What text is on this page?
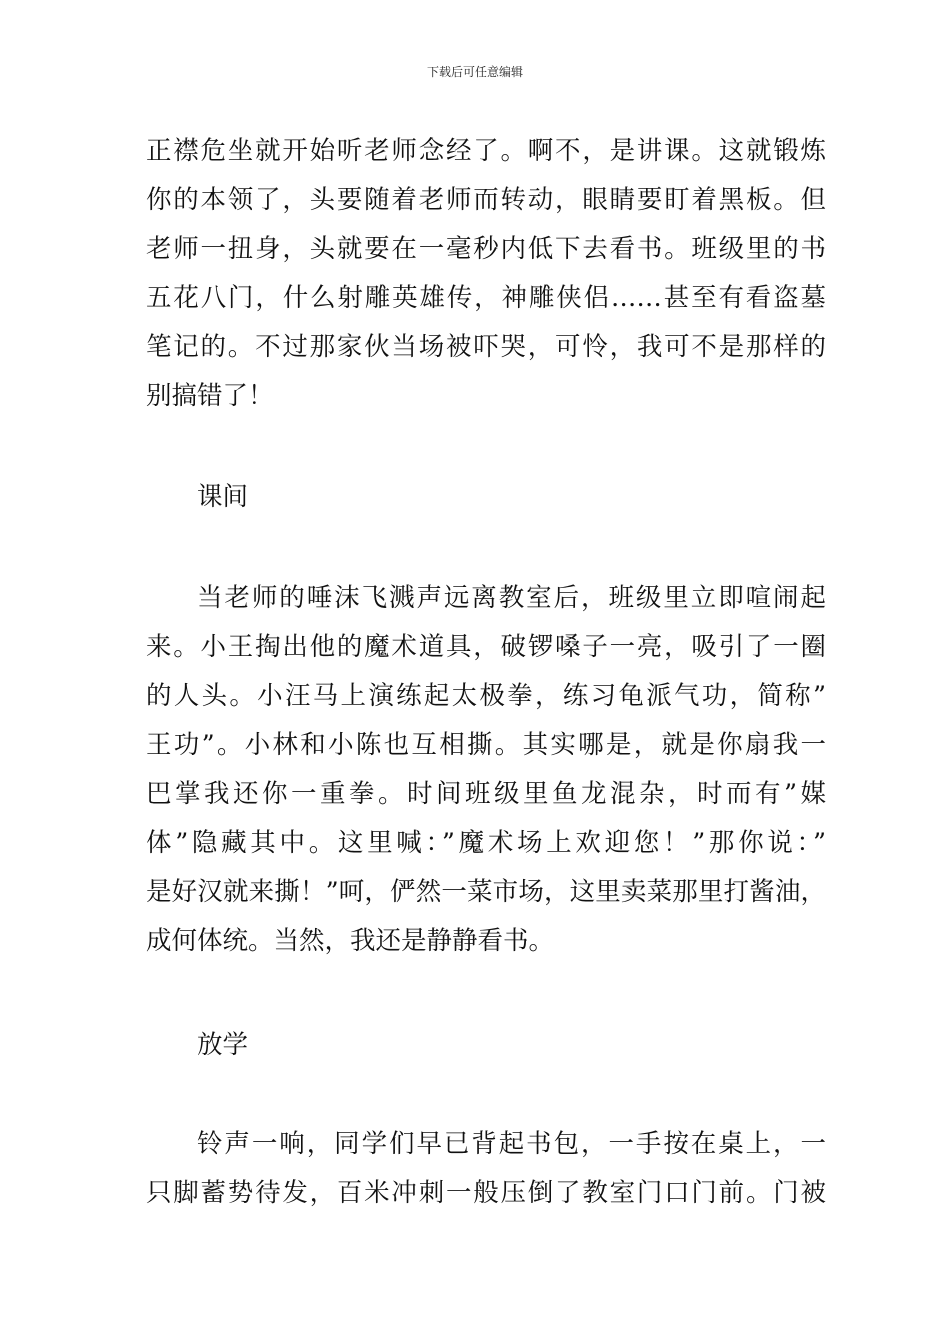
下载后可任意编辑
正襟危坐就开始听老师念经了。啊不，是讲课。这就锻炼
你的本领了，头要随着老师而转动，眼睛要盯着黑板。但
老师一扭身，头就要在一毫秒内低下去看书。班级里的书
五花八门，什么射雕英雄传，神雕侠侣……甚至有看盗墓
笔记的。不过那家伙当场被吓哭，可怜，我可不是那样的
别搞错了！
课间
当老师的唾沫飞溅声远离教室后，班级里立即喧闹起
来。小王掏出他的魔术道具，破锣嗓子一亮，吸引了一圈
的人头。小汪马上演练起太极拳，练习龟派气功，简称”
王功”。小林和小陈也互相撕。其实哪是，就是你扇我一
巴掌我还你一重拳。时间班级里鱼龙混杂，时而有”媒
体”隐藏其中。这里喊：”魔术场上欢迎您！”那你说：”
是好汉就来撕！”呵，俨然一菜市场，这里卖菜那里打酱油，
成何体统。当然，我还是静静看书。
放学
铃声一响，同学们早已背起书包，一手按在桌上，一
只脚蓄势待发，百米冲刺一般压倒了教室门口门前。门被
